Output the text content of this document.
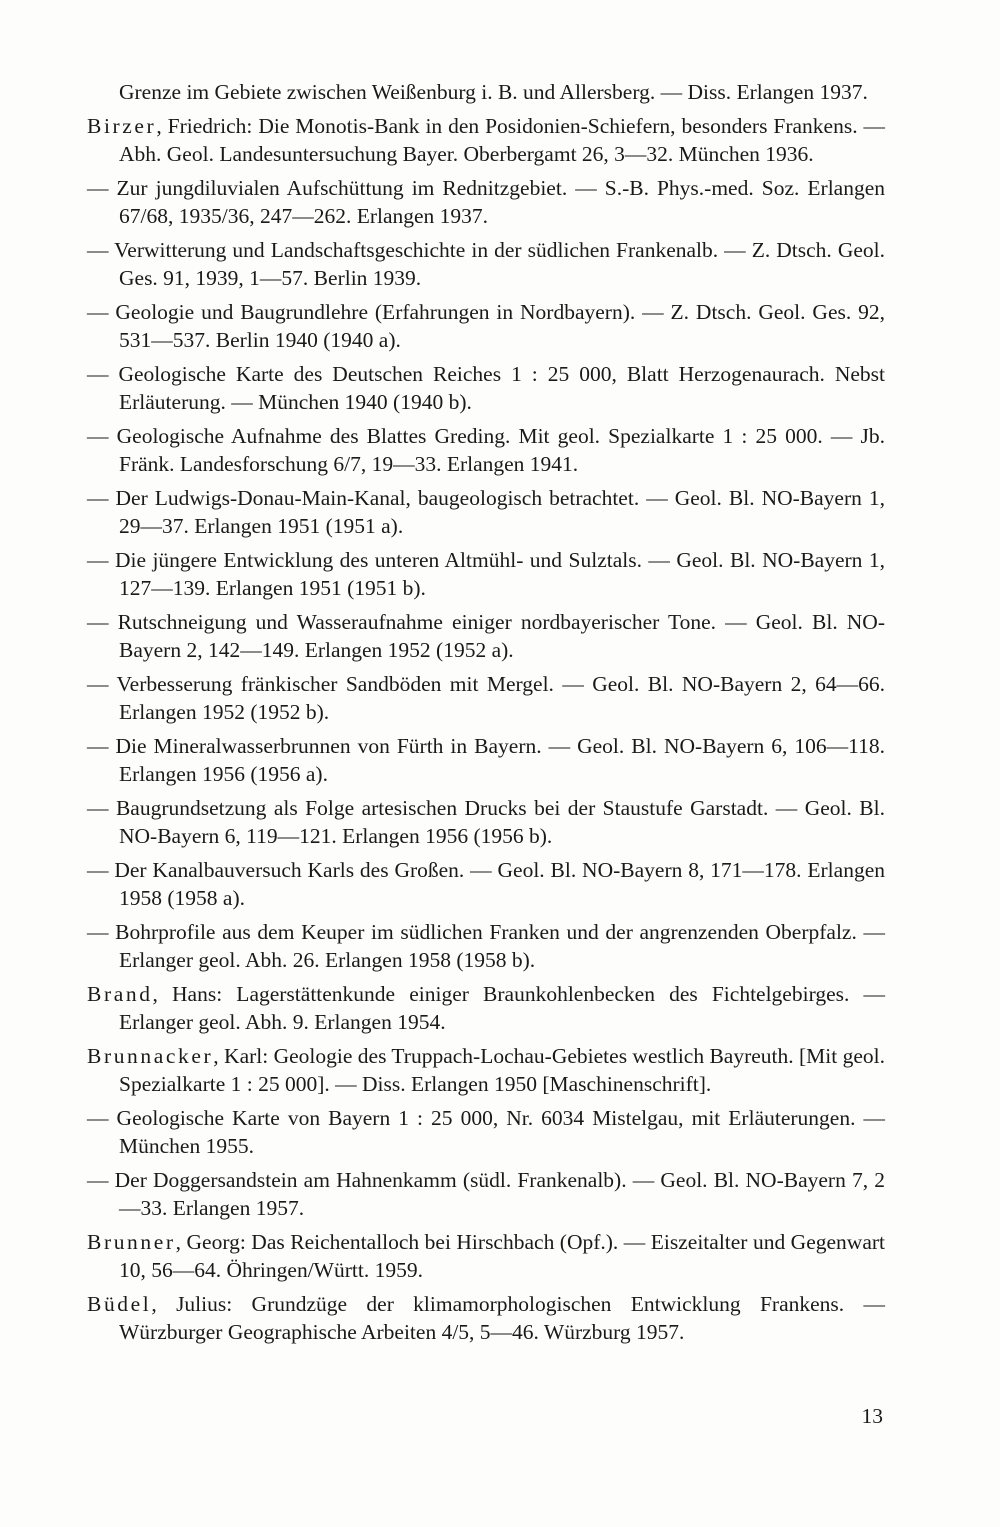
Grenze im Gebiete zwischen Weißenburg i. B. und Allersberg. — Diss. Erlangen 1937.
Birzer, Friedrich: Die Monotis-Bank in den Posidonien-Schiefern, besonders Frankens. — Abh. Geol. Landesuntersuchung Bayer. Oberbergamt 26, 3—32. München 1936.
— Zur jungdiluvialen Aufschüttung im Rednitzgebiet. — S.-B. Phys.-med. Soz. Erlangen 67/68, 1935/36, 247—262. Erlangen 1937.
— Verwitterung und Landschaftsgeschichte in der südlichen Frankenalb. — Z. Dtsch. Geol. Ges. 91, 1939, 1—57. Berlin 1939.
— Geologie und Baugrundlehre (Erfahrungen in Nordbayern). — Z. Dtsch. Geol. Ges. 92, 531—537. Berlin 1940 (1940 a).
— Geologische Karte des Deutschen Reiches 1 : 25 000, Blatt Herzogenaurach. Nebst Erläuterung. — München 1940 (1940 b).
— Geologische Aufnahme des Blattes Greding. Mit geol. Spezialkarte 1 : 25 000. — Jb. Fränk. Landesforschung 6/7, 19—33. Erlangen 1941.
— Der Ludwigs-Donau-Main-Kanal, baugeologisch betrachtet. — Geol. Bl. NO-Bayern 1, 29—37. Erlangen 1951 (1951 a).
— Die jüngere Entwicklung des unteren Altmühl- und Sulztals. — Geol. Bl. NO-Bayern 1, 127—139. Erlangen 1951 (1951 b).
— Rutschneigung und Wasseraufnahme einiger nordbayerischer Tone. — Geol. Bl. NO-Bayern 2, 142—149. Erlangen 1952 (1952 a).
— Verbesserung fränkischer Sandböden mit Mergel. — Geol. Bl. NO-Bayern 2, 64—66. Erlangen 1952 (1952 b).
— Die Mineralwasserbrunnen von Fürth in Bayern. — Geol. Bl. NO-Bayern 6, 106—118. Erlangen 1956 (1956 a).
— Baugrundsetzung als Folge artesischen Drucks bei der Staustufe Garstadt. — Geol. Bl. NO-Bayern 6, 119—121. Erlangen 1956 (1956 b).
— Der Kanalbauversuch Karls des Großen. — Geol. Bl. NO-Bayern 8, 171—178. Erlangen 1958 (1958 a).
— Bohrprofile aus dem Keuper im südlichen Franken und der angrenzenden Oberpfalz. — Erlanger geol. Abh. 26. Erlangen 1958 (1958 b).
Brand, Hans: Lagerstättenkunde einiger Braunkohlenbecken des Fichtelgebirges. — Erlanger geol. Abh. 9. Erlangen 1954.
Brunnacker, Karl: Geologie des Truppach-Lochau-Gebietes westlich Bayreuth. [Mit geol. Spezialkarte 1 : 25 000]. — Diss. Erlangen 1950 [Maschinenschrift].
— Geologische Karte von Bayern 1 : 25 000, Nr. 6034 Mistelgau, mit Erläuterungen. — München 1955.
— Der Doggersandstein am Hahnenkamm (südl. Frankenalb). — Geol. Bl. NO-Bayern 7, 2—33. Erlangen 1957.
Brunner, Georg: Das Reichentalloch bei Hirschbach (Opf.). — Eiszeitalter und Gegenwart 10, 56—64. Öhringen/Württ. 1959.
Büdel, Julius: Grundzüge der klimamorphologischen Entwicklung Frankens. — Würzburger Geographische Arbeiten 4/5, 5—46. Würzburg 1957.
13
